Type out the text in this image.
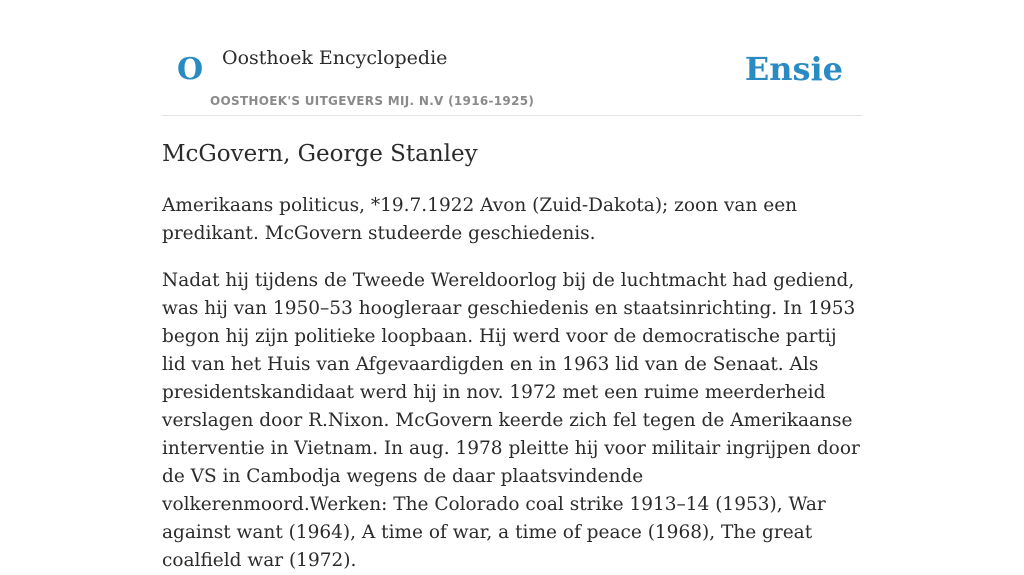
O Oosthoek Encyclopedie
OOSTHOEK'S UITGEVERS MIJ. N.V (1916-1925)
Ensie
McGovern, George Stanley

Amerikaans politicus, *19.7.1922 Avon (Zuid-Dakota); zoon van een predikant. McGovern studeerde geschiedenis.

Nadat hij tijdens de Tweede Wereldoorlog bij de luchtmacht had gediend, was hij van 1950–53 hoogleraar geschiedenis en staatsinrichting. In 1953 begon hij zijn politieke loopbaan. Hij werd voor de democratische partij lid van het Huis van Afgevaardigden en in 1963 lid van de Senaat. Als presidentskandidaat werd hij in nov. 1972 met een ruime meerderheid verslagen door R.Nixon. McGovern keerde zich fel tegen de Amerikaanse interventie in Vietnam. In aug. 1978 pleitte hij voor militair ingrijpen door de VS in Cambodja wegens de daar plaatsvindende volkerenmoord.Werken: The Colorado coal strike 1913–14 (1953), War against want (1964), A time of war, a time of peace (1968), The great coalfield war (1972).
